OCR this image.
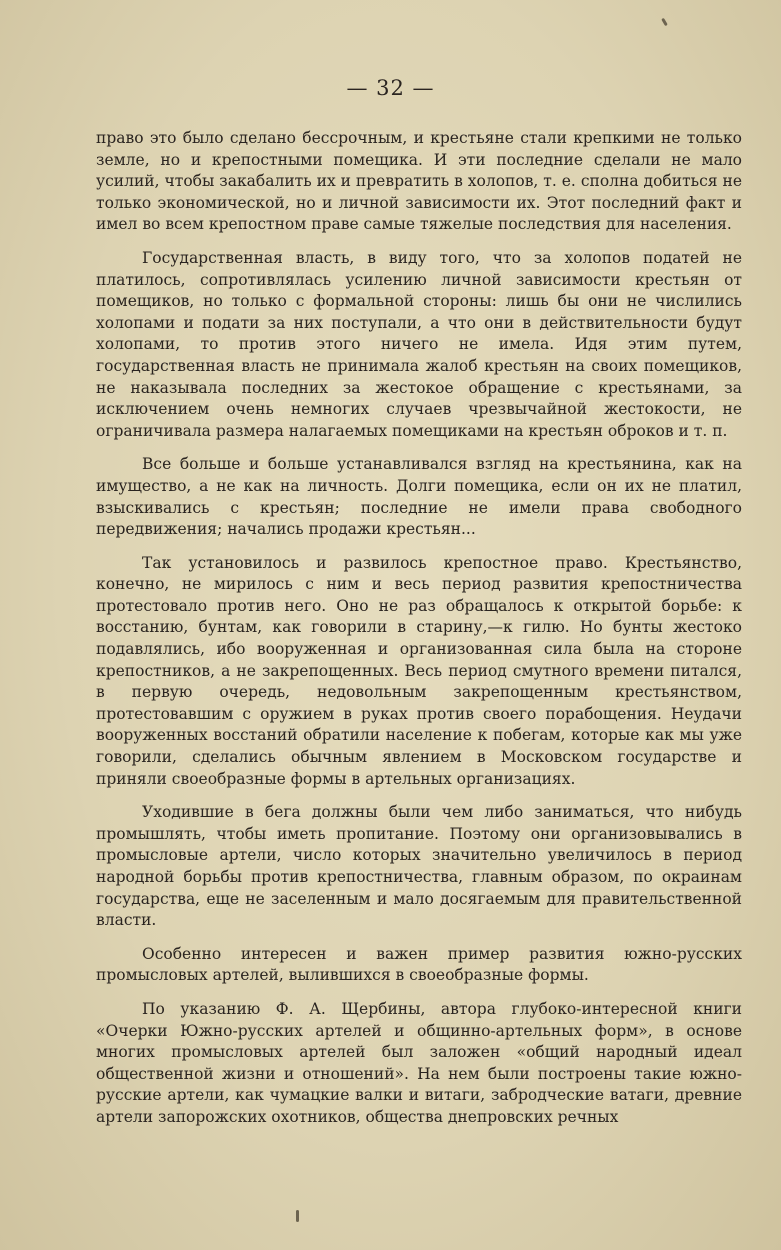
— 32 —

право это было сделано бессрочным, и крестьяне стали крепкими не только земле, но и крепостными помещика. И эти последние сделали не мало усилий, чтобы закабалить их и превратить в холопов, т. е. сполна добиться не только экономической, но и личной зависимости их. Этот последний факт и имел во всем крепостном праве самые тяжелые последствия для населения.

Государственная власть, в виду того, что за холопов податей не платилось, сопротивлялась усилению личной зависимости крестьян от помещиков, но только с формальной стороны: лишь бы они не числились холопами и подати за них поступали, а что они в действительности будут холопами, то против этого ничего не имела. Идя этим путем, государственная власть не принимала жалоб крестьян на своих помещиков, не наказывала последних за жестокое обращение с крестьянами, за исключением очень немногих случаев чрезвычайной жестокости, не ограничивала размера налагаемых помещиками на крестьян оброков и т. п.

Все больше и больше устанавливался взгляд на крестьянина, как на имущество, а не как на личность. Долги помещика, если он их не платил, взыскивались с крестьян; последние не имели права свободного передвижения; начались продажи крестьян...

Так установилось и развилось крепостное право. Крестьянство, конечно, не мирилось с ним и весь период развития крепостничества протестовало против него. Оно не раз обращалось к открытой борьбе: к восстанию, бунтам, как говорили в старину,—к гилю. Но бунты жестоко подавлялись, ибо вооруженная и организованная сила была на стороне крепостников, а не закрепощенных. Весь период смутного времени питался, в первую очередь, недовольным закрепощенным крестьянством, протестовавшим с оружием в руках против своего порабощения. Неудачи вооруженных восстаний обратили население к побегам, которые как мы уже говорили, сделались обычным явлением в Московском государстве и приняли своеобразные формы в артельных организациях.

Уходившие в бега должны были чем либо заниматься, что нибудь промышлять, чтобы иметь пропитание. Поэтому они организовывались в промысловые артели, число которых значительно увеличилось в период народной борьбы против крепостничества, главным образом, по окраинам государства, еще не заселенным и мало досягаемым для правительственной власти.

Особенно интересен и важен пример развития южно-русских промысловых артелей, вылившихся в своеобразные формы.

По указанию Ф. А. Щербины, автора глубоко-интересной книги «Очерки Южно-русских артелей и общинно-артельных форм», в основе многих промысловых артелей был заложен «общий народный идеал общественной жизни и отношений». На нем были построены такие южно-русские артели, как чумацкие валки и витаги, забродческие ватаги, древние артели запорожских охотников, общества днепровских речных
